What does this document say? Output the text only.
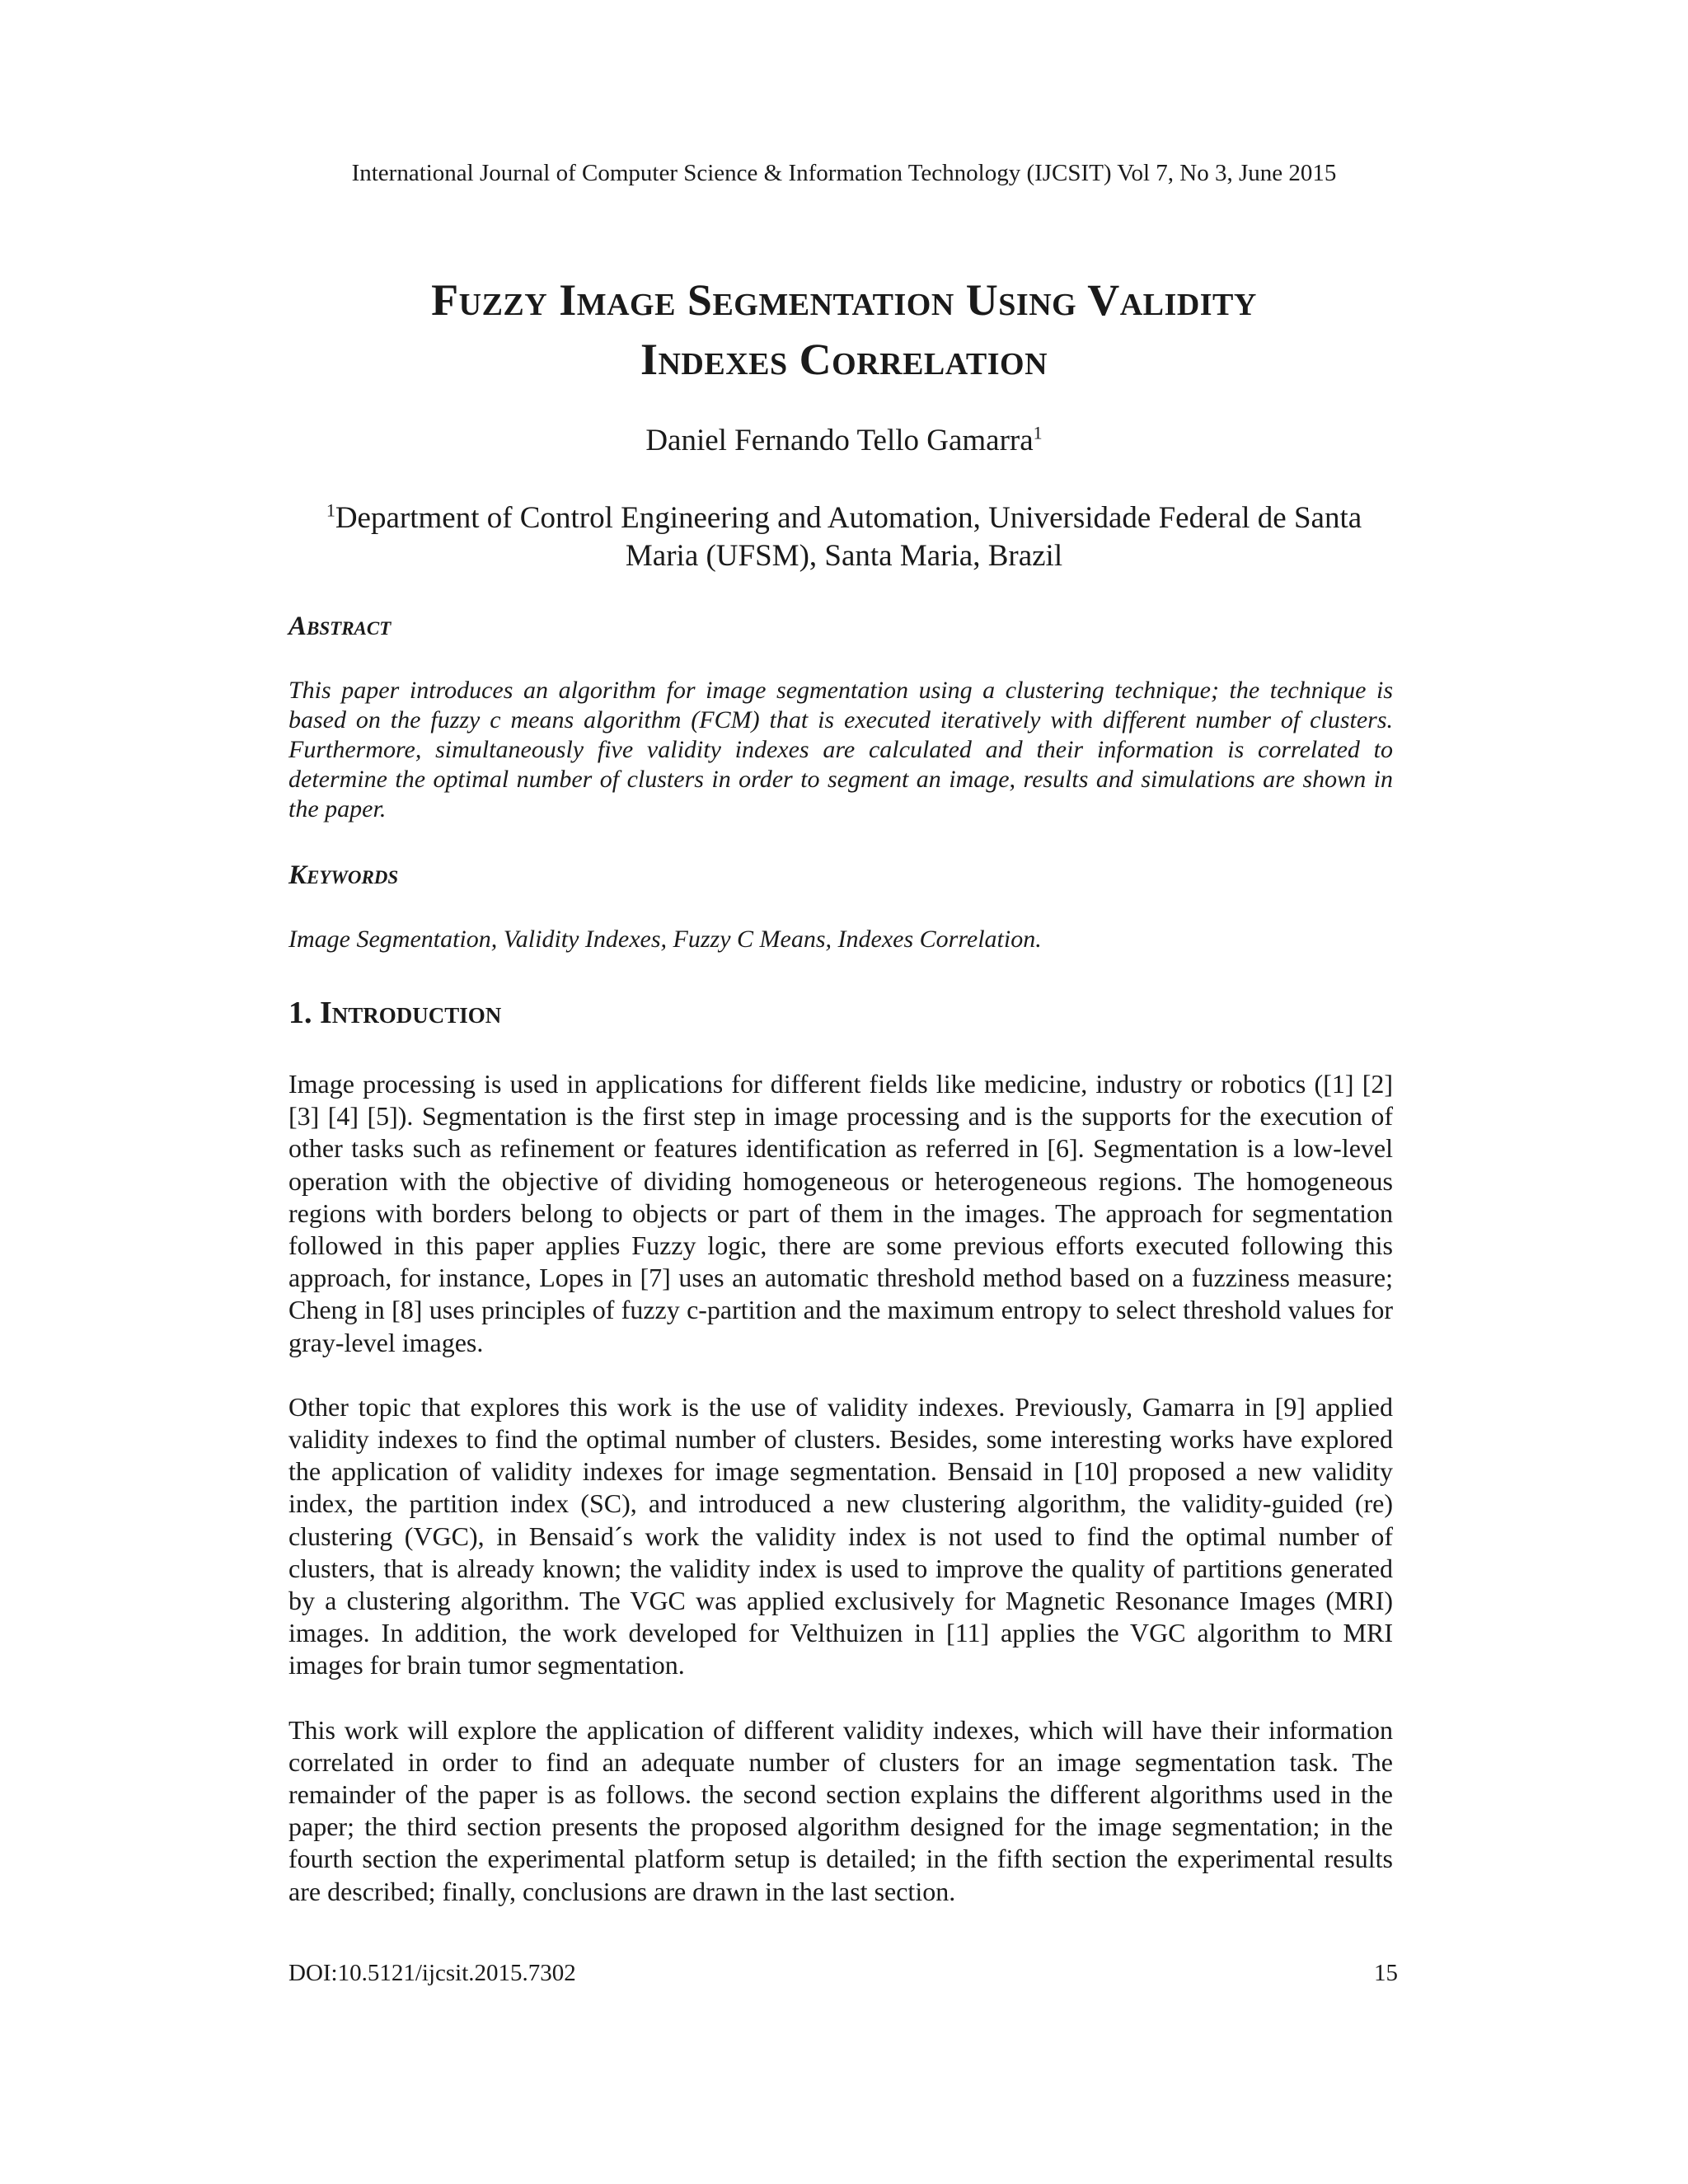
International Journal of Computer Science & Information Technology (IJCSIT) Vol 7, No 3, June 2015
Fuzzy Image Segmentation Using Validity
Indexes Correlation
Daniel Fernando Tello Gamarra$^1$
$^1$Department of Control Engineering and Automation, Universidade Federal de Santa Maria (UFSM), Santa Maria, Brazil
Abstract
This paper introduces an algorithm for image segmentation using a clustering technique; the technique is based on the fuzzy c means algorithm (FCM) that is executed iteratively with different number of clusters. Furthermore, simultaneously five validity indexes are calculated and their information is correlated to determine the optimal number of clusters in order to segment an image, results and simulations are shown in the paper.
Keywords
Image Segmentation, Validity Indexes, Fuzzy C Means, Indexes Correlation.
1. Introduction

Image processing is used in applications for different fields like medicine, industry or robotics ([1] [2] [3] [4] [5]). Segmentation is the first step in image processing and is the supports for the execution of other tasks such as refinement or features identification as referred in [6]. Segmentation is a low-level operation with the objective of dividing homogeneous or heterogeneous regions. The homogeneous regions with borders belong to objects or part of them in the images. The approach for segmentation followed in this paper applies Fuzzy logic, there are some previous efforts executed following this approach, for instance, Lopes in [7] uses an automatic threshold method based on a fuzziness measure; Cheng in [8] uses principles of fuzzy c-partition and the maximum entropy to select threshold values for gray-level images.

Other topic that explores this work is the use of validity indexes. Previously, Gamarra in [9] applied validity indexes to find the optimal number of clusters. Besides, some interesting works have explored the application of validity indexes for image segmentation. Bensaid in [10] proposed a new validity index, the partition index (SC), and introduced a new clustering algorithm, the validity-guided (re) clustering (VGC), in Bensaid´s work the validity index is not used to find the optimal number of clusters, that is already known; the validity index is used to improve the quality of partitions generated by a clustering algorithm. The VGC was applied exclusively for Magnetic Resonance Images (MRI) images. In addition, the work developed for Velthuizen in [11] applies the VGC algorithm to MRI images for brain tumor segmentation.

This work will explore the application of different validity indexes, which will have their information correlated in order to find an adequate number of clusters for an image segmentation task. The remainder of the paper is as follows. the second section explains the different algorithms used in the paper; the third section presents the proposed algorithm designed for the image segmentation; in the fourth section the experimental platform setup is detailed; in the fifth section the experimental results are described; finally, conclusions are drawn in the last section.

DOI:10.5121/ijcsit.2015.7302	15
